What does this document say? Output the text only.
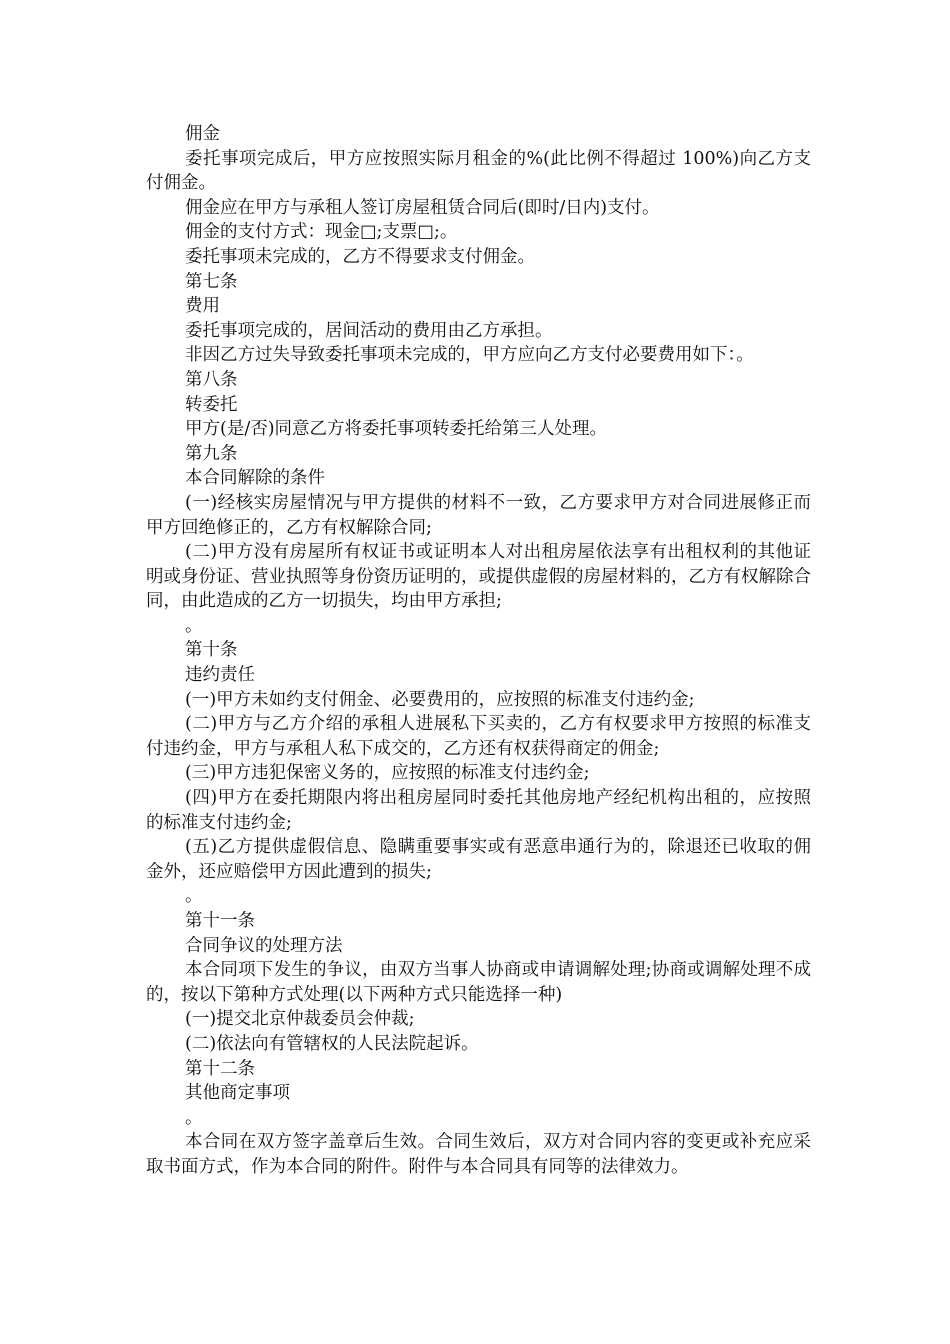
佣金

委托事项完成后，甲方应按照实际月租金的%(此比例不得超过 100%)向乙方支付佣金。

佣金应在甲方与承租人签订房屋租赁合同后(即时/日内)支付。

佣金的支付方式：现金□;支票□;。

委托事项未完成的，乙方不得要求支付佣金。

第七条

费用

委托事项完成的，居间活动的费用由乙方承担。

非因乙方过失导致委托事项未完成的，甲方应向乙方支付必要费用如下：。

第八条

转委托

甲方(是/否)同意乙方将委托事项转委托给第三人处理。

第九条

本合同解除的条件

(一)经核实房屋情况与甲方提供的材料不一致，乙方要求甲方对合同进展修正而甲方回绝修正的，乙方有权解除合同;

(二)甲方没有房屋所有权证书或证明本人对出租房屋依法享有出租权利的其他证明或身份证、营业执照等身份资历证明的，或提供虚假的房屋材料的，乙方有权解除合同，由此造成的乙方一切损失，均由甲方承担;

。

第十条

违约责任

(一)甲方未如约支付佣金、必要费用的，应按照的标准支付违约金;

(二)甲方与乙方介绍的承租人进展私下买卖的，乙方有权要求甲方按照的标准支付违约金，甲方与承租人私下成交的，乙方还有权获得商定的佣金;

(三)甲方违犯保密义务的，应按照的标准支付违约金;

(四)甲方在委托期限内将出租房屋同时委托其他房地产经纪机构出租的，应按照的标准支付违约金;

(五)乙方提供虚假信息、隐瞒重要事实或有恶意串通行为的，除退还已收取的佣金外，还应赔偿甲方因此遭到的损失;

。

第十一条

合同争议的处理方法

本合同项下发生的争议，由双方当事人协商或申请调解处理;协商或调解处理不成的，按以下第种方式处理(以下两种方式只能选择一种)

(一)提交北京仲裁委员会仲裁;

(二)依法向有管辖权的人民法院起诉。

第十二条

其他商定事项

。

本合同在双方签字盖章后生效。合同生效后，双方对合同内容的变更或补充应采取书面方式，作为本合同的附件。附件与本合同具有同等的法律效力。
